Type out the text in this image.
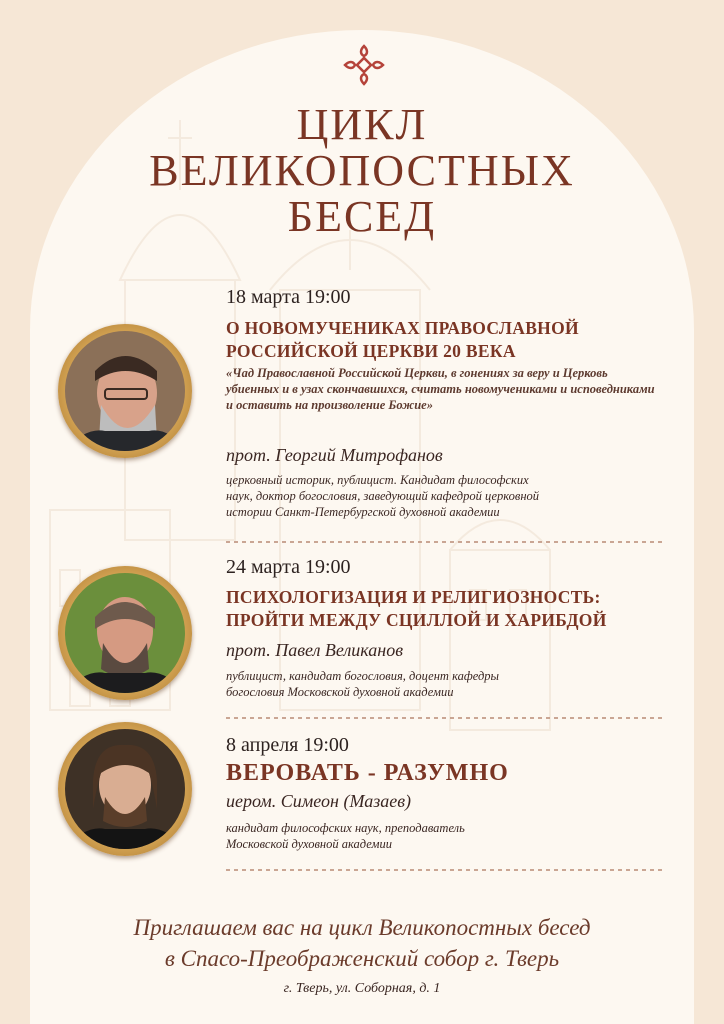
ЦИКЛ
ВЕЛИКОПОСТНЫХ
БЕСЕД
18 марта 19:00
О НОВОМУЧЕНИКАХ ПРАВОСЛАВНОЙ
РОССИЙСКОЙ ЦЕРКВИ 20 ВЕКА
«Чад Православной Российской Церкви, в гонениях за веру и Церковь убиенных и в узах скончавшихся, считать новомучениками и исповедниками и оставить на произволение Божие»
прот. Георгий Митрофанов
церковный историк, публицист. Кандидат философских
наук, доктор богословия, заведующий кафедрой церковной
истории Санкт-Петербургской духовной академии
24 марта 19:00
ПСИХОЛОГИЗАЦИЯ И РЕЛИГИОЗНОСТЬ:
ПРОЙТИ МЕЖДУ СЦИЛЛОЙ И ХАРИБДОЙ
прот. Павел Великанов
публицист, кандидат богословия, доцент кафедры
богословия Московской духовной академии
8 апреля 19:00
ВЕРОВАТЬ - РАЗУМНО
иером. Симеон (Мазаев)
кандидат философских наук, преподаватель
Московской духовной академии
Приглашаем вас на цикл Великопостных бесед
в Спасо-Преображенский собор г. Тверь
г. Тверь, ул. Соборная, д. 1
